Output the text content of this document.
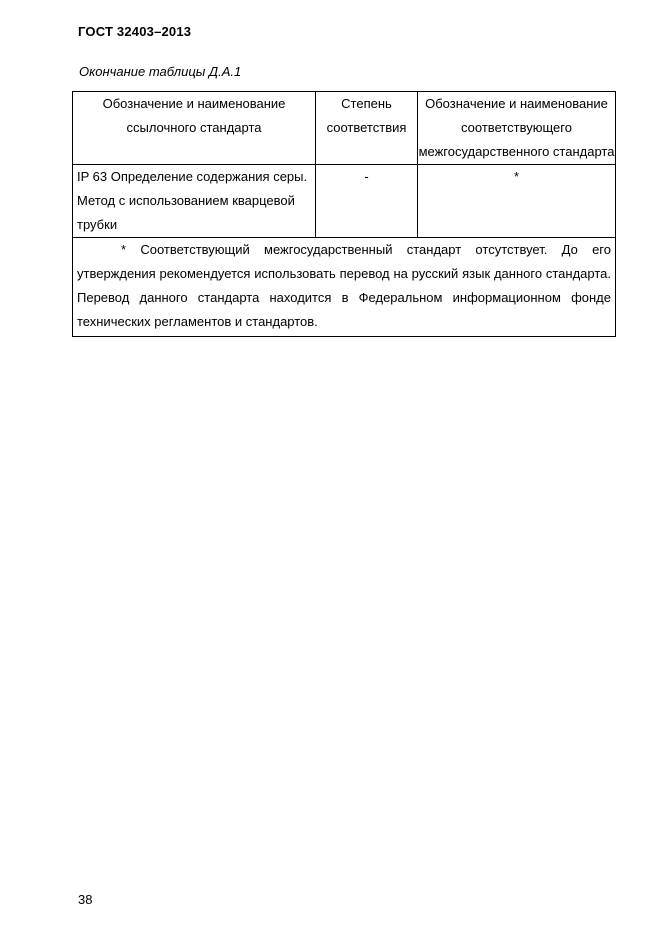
ГОСТ 32403–2013
Окончание таблицы Д.А.1
Обозначение и наименование ссылочного стандарта	Степень соответствия	Обозначение и наименование соответствующего межгосударственного стандарта
IP 63 Определение содержания серы. Метод с использованием кварцевой трубки	-	*

* Соответствующий межгосударственный стандарт отсутствует. До его утверждения рекомендуется использовать перевод на русский язык данного стандарта. Перевод данного стандарта находится в Федеральном информационном фонде технических регламентов и стандартов.		
38
